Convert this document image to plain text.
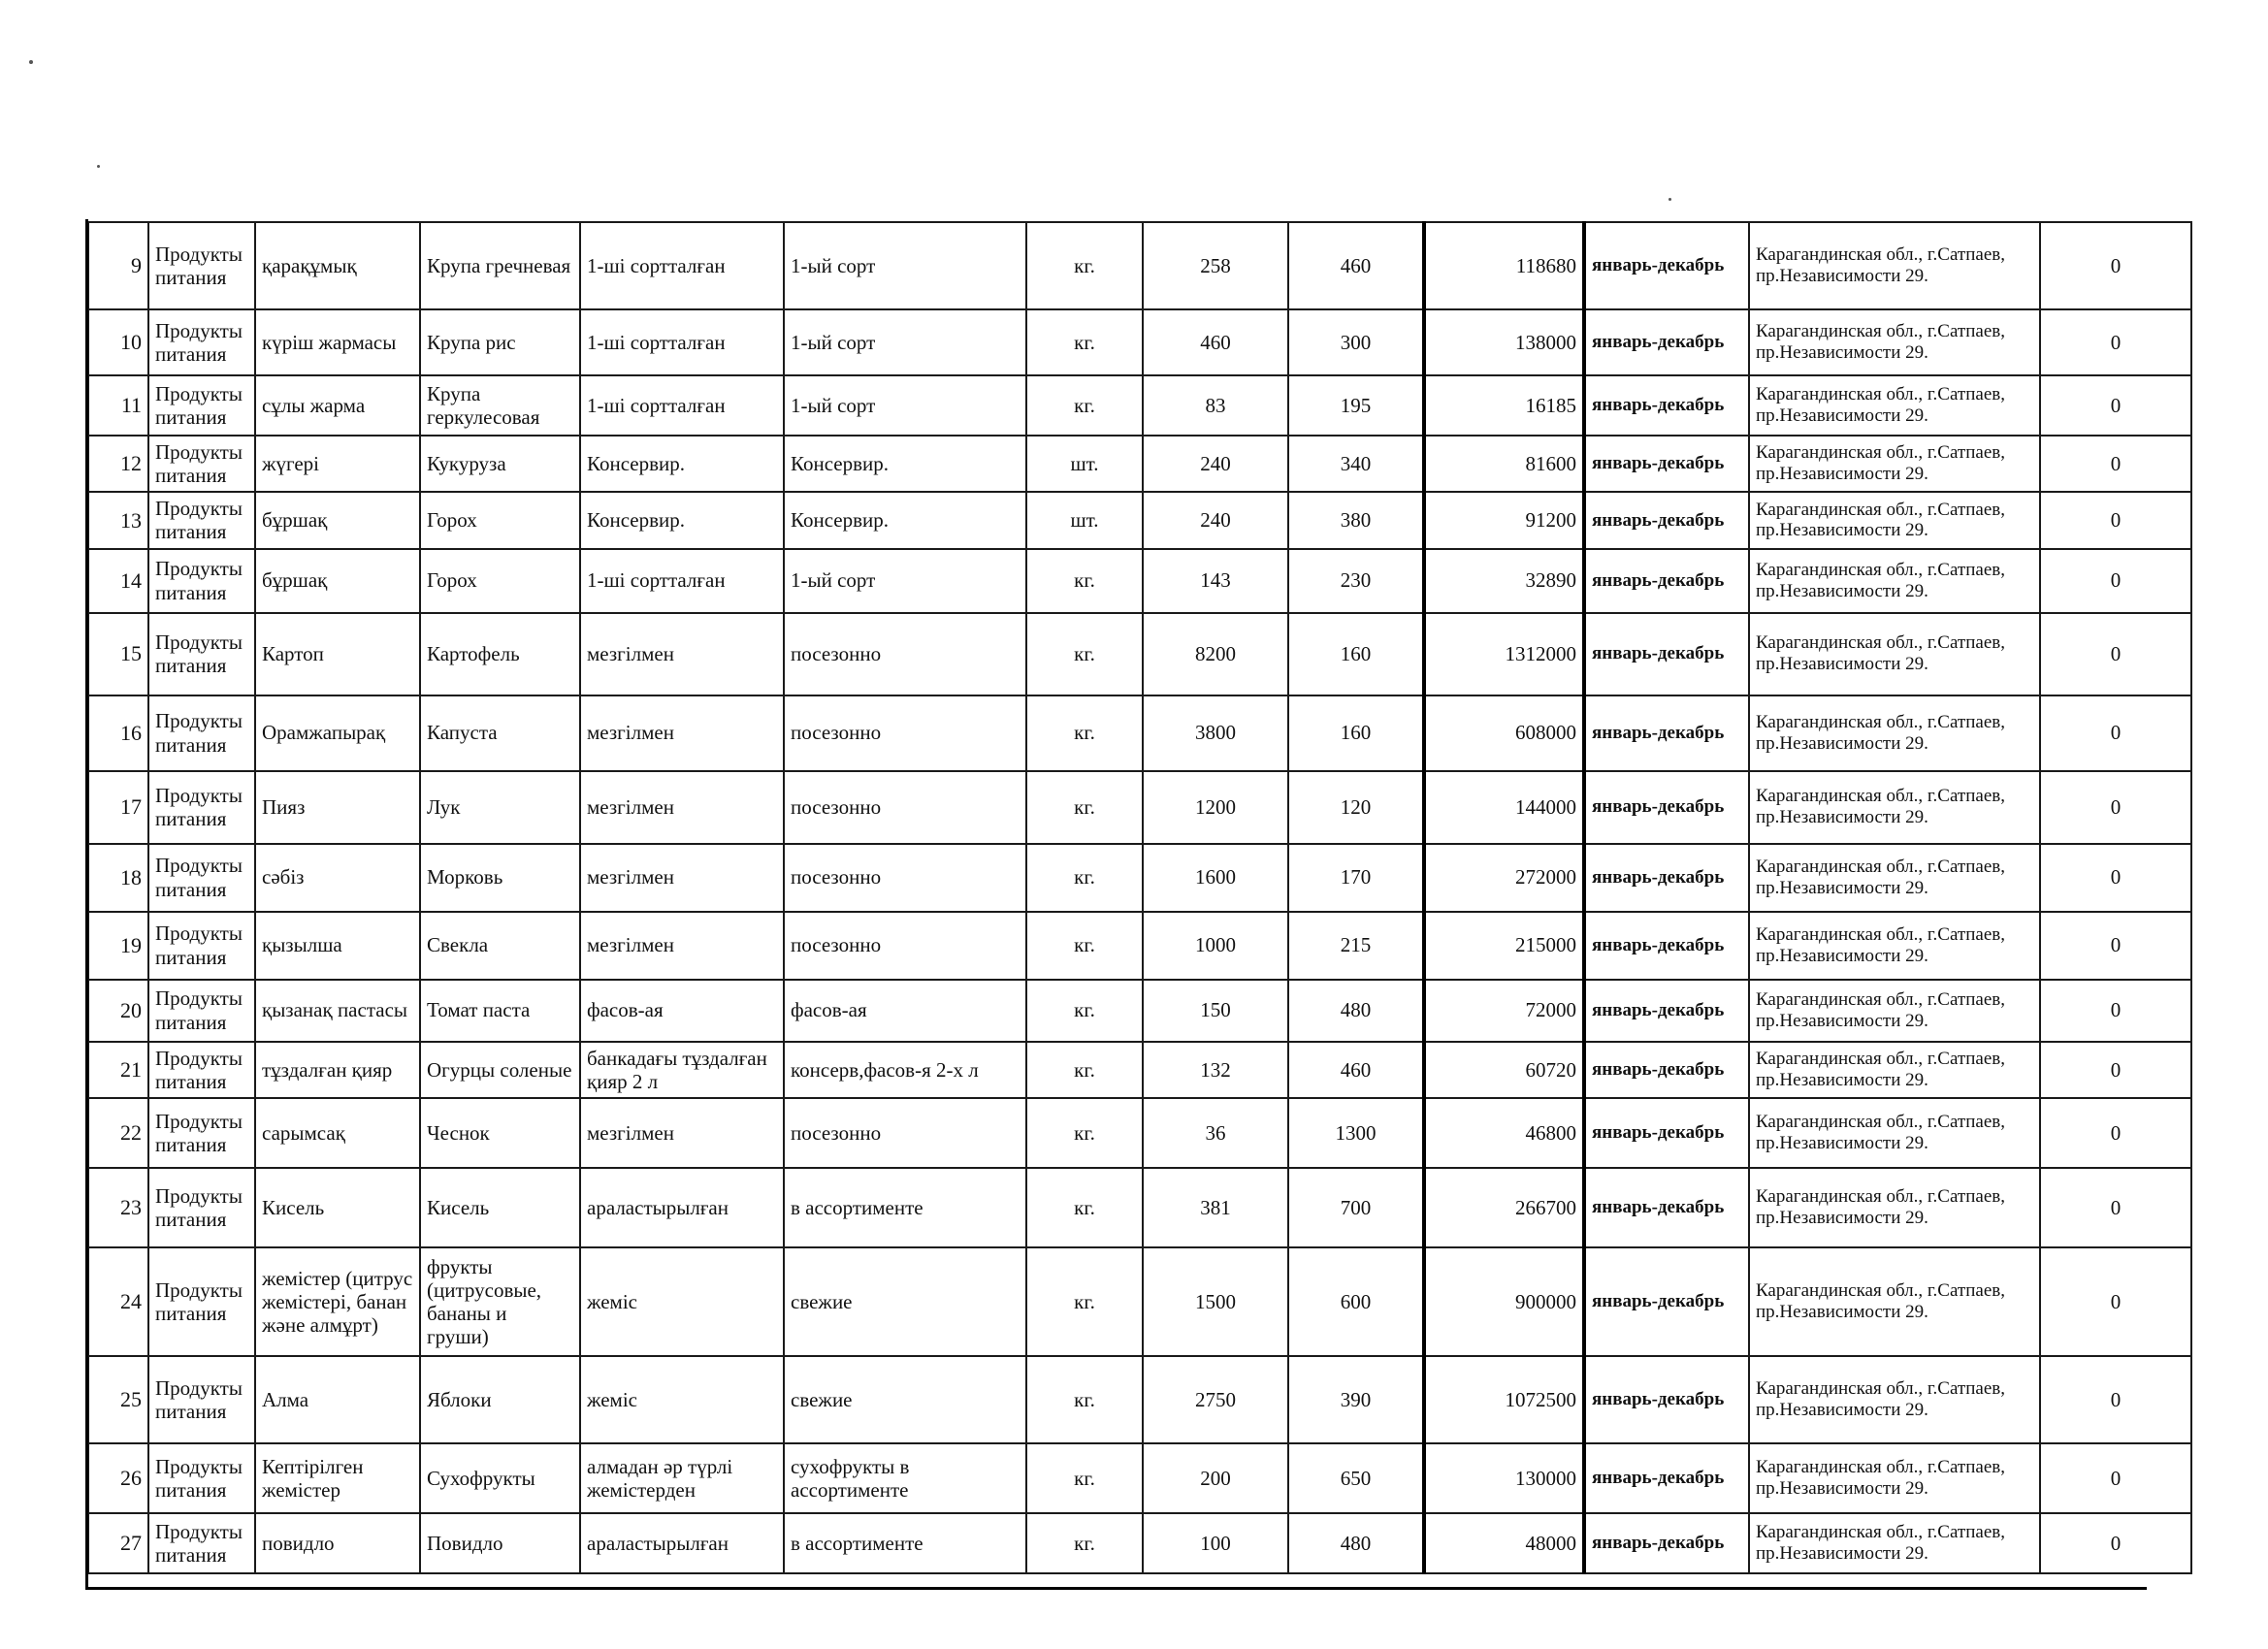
9	Продукты питания	қарақұмық	Крупа гречневая	1-ші сортталған	1-ый сорт	кг.	258	460	118680	январь-декабрь	Карагандинская обл., г.Сатпаев, пр.Независимости 29.	0
10	Продукты питания	күріш жармасы	Крупа рис	1-ші сортталған	1-ый сорт	кг.	460	300	138000	январь-декабрь	Карагандинская обл., г.Сатпаев, пр.Независимости 29.	0
11	Продукты питания	сұлы жарма	Крупа геркулесовая	1-ші сортталған	1-ый сорт	кг.	83	195	16185	январь-декабрь	Карагандинская обл., г.Сатпаев, пр.Независимости 29.	0
12	Продукты питания	жүгері	Кукуруза	Консервир.	Консервир.	шт.	240	340	81600	январь-декабрь	Карагандинская обл., г.Сатпаев, пр.Независимости 29.	0
13	Продукты питания	бұршақ	Горох	Консервир.	Консервир.	шт.	240	380	91200	январь-декабрь	Карагандинская обл., г.Сатпаев, пр.Независимости 29.	0
14	Продукты питания	бұршақ	Горох	1-ші сортталған	1-ый сорт	кг.	143	230	32890	январь-декабрь	Карагандинская обл., г.Сатпаев, пр.Независимости 29.	0
15	Продукты питания	Картоп	Картофель	мезгілмен	посезонно	кг.	8200	160	1312000	январь-декабрь	Карагандинская обл., г.Сатпаев, пр.Независимости 29.	0
16	Продукты питания	Орамжапырақ	Капуста	мезгілмен	посезонно	кг.	3800	160	608000	январь-декабрь	Карагандинская обл., г.Сатпаев, пр.Независимости 29.	0
17	Продукты питания	Пияз	Лук	мезгілмен	посезонно	кг.	1200	120	144000	январь-декабрь	Карагандинская обл., г.Сатпаев, пр.Независимости 29.	0
18	Продукты питания	сәбіз	Морковь	мезгілмен	посезонно	кг.	1600	170	272000	январь-декабрь	Карагандинская обл., г.Сатпаев, пр.Независимости 29.	0
19	Продукты питания	қызылша	Свекла	мезгілмен	посезонно	кг.	1000	215	215000	январь-декабрь	Карагандинская обл., г.Сатпаев, пр.Независимости 29.	0
20	Продукты питания	қызанақ пастасы	Томат паста	фасов-ая	фасов-ая	кг.	150	480	72000	январь-декабрь	Карагандинская обл., г.Сатпаев, пр.Независимости 29.	0
21	Продукты питания	тұздалған қияр	Огурцы соленые	банкадағы тұздалған қияр 2 л	консерв,фасов-я 2-х л	кг.	132	460	60720	январь-декабрь	Карагандинская обл., г.Сатпаев, пр.Независимости 29.	0
22	Продукты питания	сарымсақ	Чеснок	мезгілмен	посезонно	кг.	36	1300	46800	январь-декабрь	Карагандинская обл., г.Сатпаев, пр.Независимости 29.	0
23	Продукты питания	Кисель	Кисель	араластырылған	в ассортименте	кг.	381	700	266700	январь-декабрь	Карагандинская обл., г.Сатпаев, пр.Независимости 29.	0
24	Продукты питания	жемістер (цитрус жемістері, банан және алмұрт)	фрукты (цитрусовые, бананы и груши)	жеміс	свежие	кг.	1500	600	900000	январь-декабрь	Карагандинская обл., г.Сатпаев, пр.Независимости 29.	0
25	Продукты питания	Алма	Яблоки	жеміс	свежие	кг.	2750	390	1072500	январь-декабрь	Карагандинская обл., г.Сатпаев, пр.Независимости 29.	0
26	Продукты питания	Кептірілген жемістер	Сухофрукты	алмадан әр түрлі жемістерден	сухофрукты в ассортименте	кг.	200	650	130000	январь-декабрь	Карагандинская обл., г.Сатпаев, пр.Независимости 29.	0
27	Продукты питания	повидло	Повидло	араластырылған	в ассортименте	кг.	100	480	48000	январь-декабрь	Карагандинская обл., г.Сатпаев, пр.Независимости 29.	0
